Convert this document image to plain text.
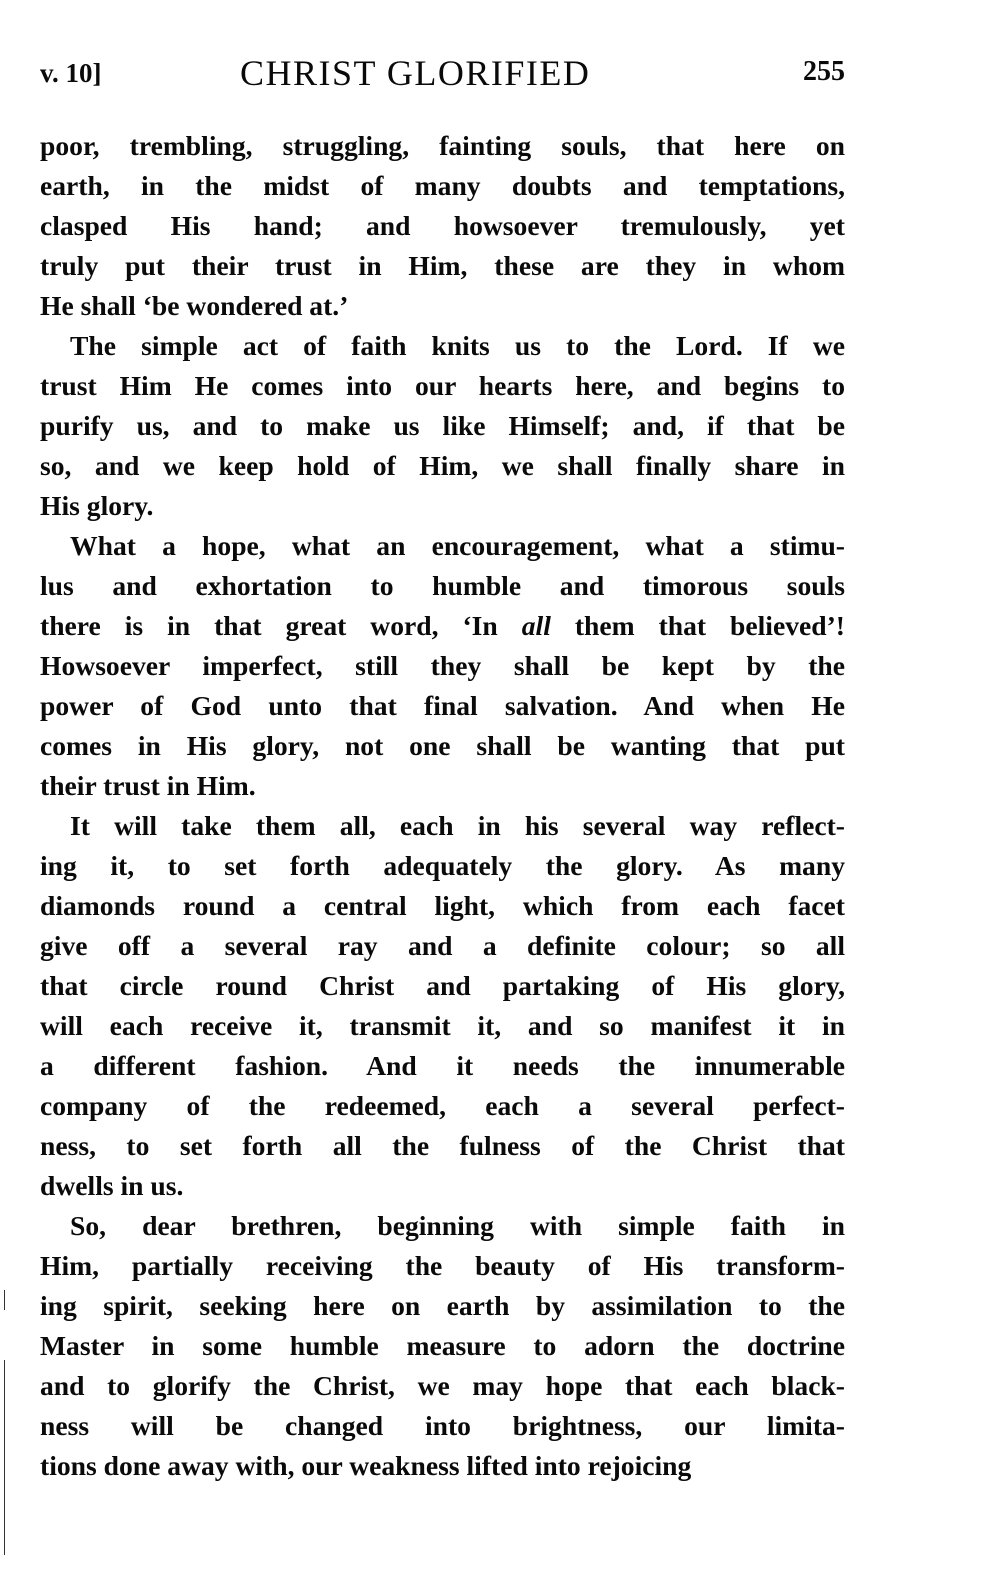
v. 10]	CHRIST GLORIFIED	255
poor, trembling, struggling, fainting souls, that here on
earth, in the midst of many doubts and temptations,
clasped His hand; and howsoever tremulously, yet
truly put their trust in Him, these are they in whom
He shall ‘be wondered at.’
The simple act of faith knits us to the Lord. If we
trust Him He comes into our hearts here, and begins to
purify us, and to make us like Himself; and, if that be
so, and we keep hold of Him, we shall finally share in
His glory.
What a hope, what an encouragement, what a stimu-
lus and exhortation to humble and timorous souls
there is in that great word, ‘In all them that believed’!
Howsoever imperfect, still they shall be kept by the
power of God unto that final salvation. And when He
comes in His glory, not one shall be wanting that put
their trust in Him.
It will take them all, each in his several way reflect-
ing it, to set forth adequately the glory. As many
diamonds round a central light, which from each facet
give off a several ray and a definite colour; so all
that circle round Christ and partaking of His glory,
will each receive it, transmit it, and so manifest it in
a different fashion. And it needs the innumerable
company of the redeemed, each a several perfect-
ness, to set forth all the fulness of the Christ that
dwells in us.
So, dear brethren, beginning with simple faith in
Him, partially receiving the beauty of His transform-
ing spirit, seeking here on earth by assimilation to the
Master in some humble measure to adorn the doctrine
and to glorify the Christ, we may hope that each black-
ness will be changed into brightness, our limita-
tions done away with, our weakness lifted into rejoicing
